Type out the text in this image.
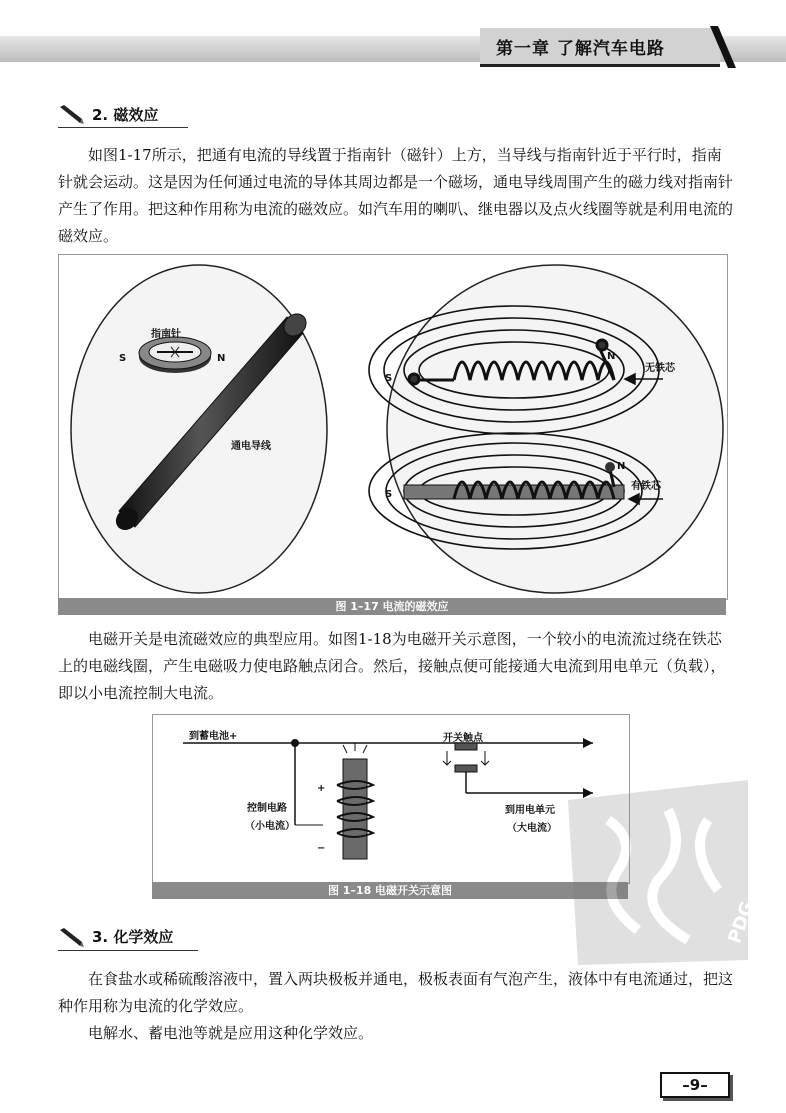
第一章 了解汽车电路
2. 磁效应
如图1-17所示，把通有电流的导线置于指南针（磁针）上方，当导线与指南针近于平行时，指南针就会运动。这是因为任何通过电流的导体其周边都是一个磁场，通电导线周围产生的磁力线对指南针产生了作用。把这种作用称为电流的磁效应。如汽车用的喇叭、继电器以及点火线圈等就是利用电流的磁效应。
指南针
S	N
通电导线
S
N
无铁芯
S
N
有铁芯
图 1–17 电流的磁效应
电磁开关是电流磁效应的典型应用。如图1-18为电磁开关示意图，一个较小的电流流过绕在铁芯上的电磁线圈，产生电磁吸力使电路触点闭合。然后，接触点便可能接通大电流到用电单元（负载），即以小电流控制大电流。
到蓄电池+	开关触点
控制电路
（小电流）
+
−
到用电单元
（大电流）
图 1–18 电磁开关示意图
PDG
3. 化学效应
在食盐水或稀硫酸溶液中，置入两块极板并通电，极板表面有气泡产生，液体中有电流通过，把这种作用称为电流的化学效应。
电解水、蓄电池等就是应用这种化学效应。
–9–
